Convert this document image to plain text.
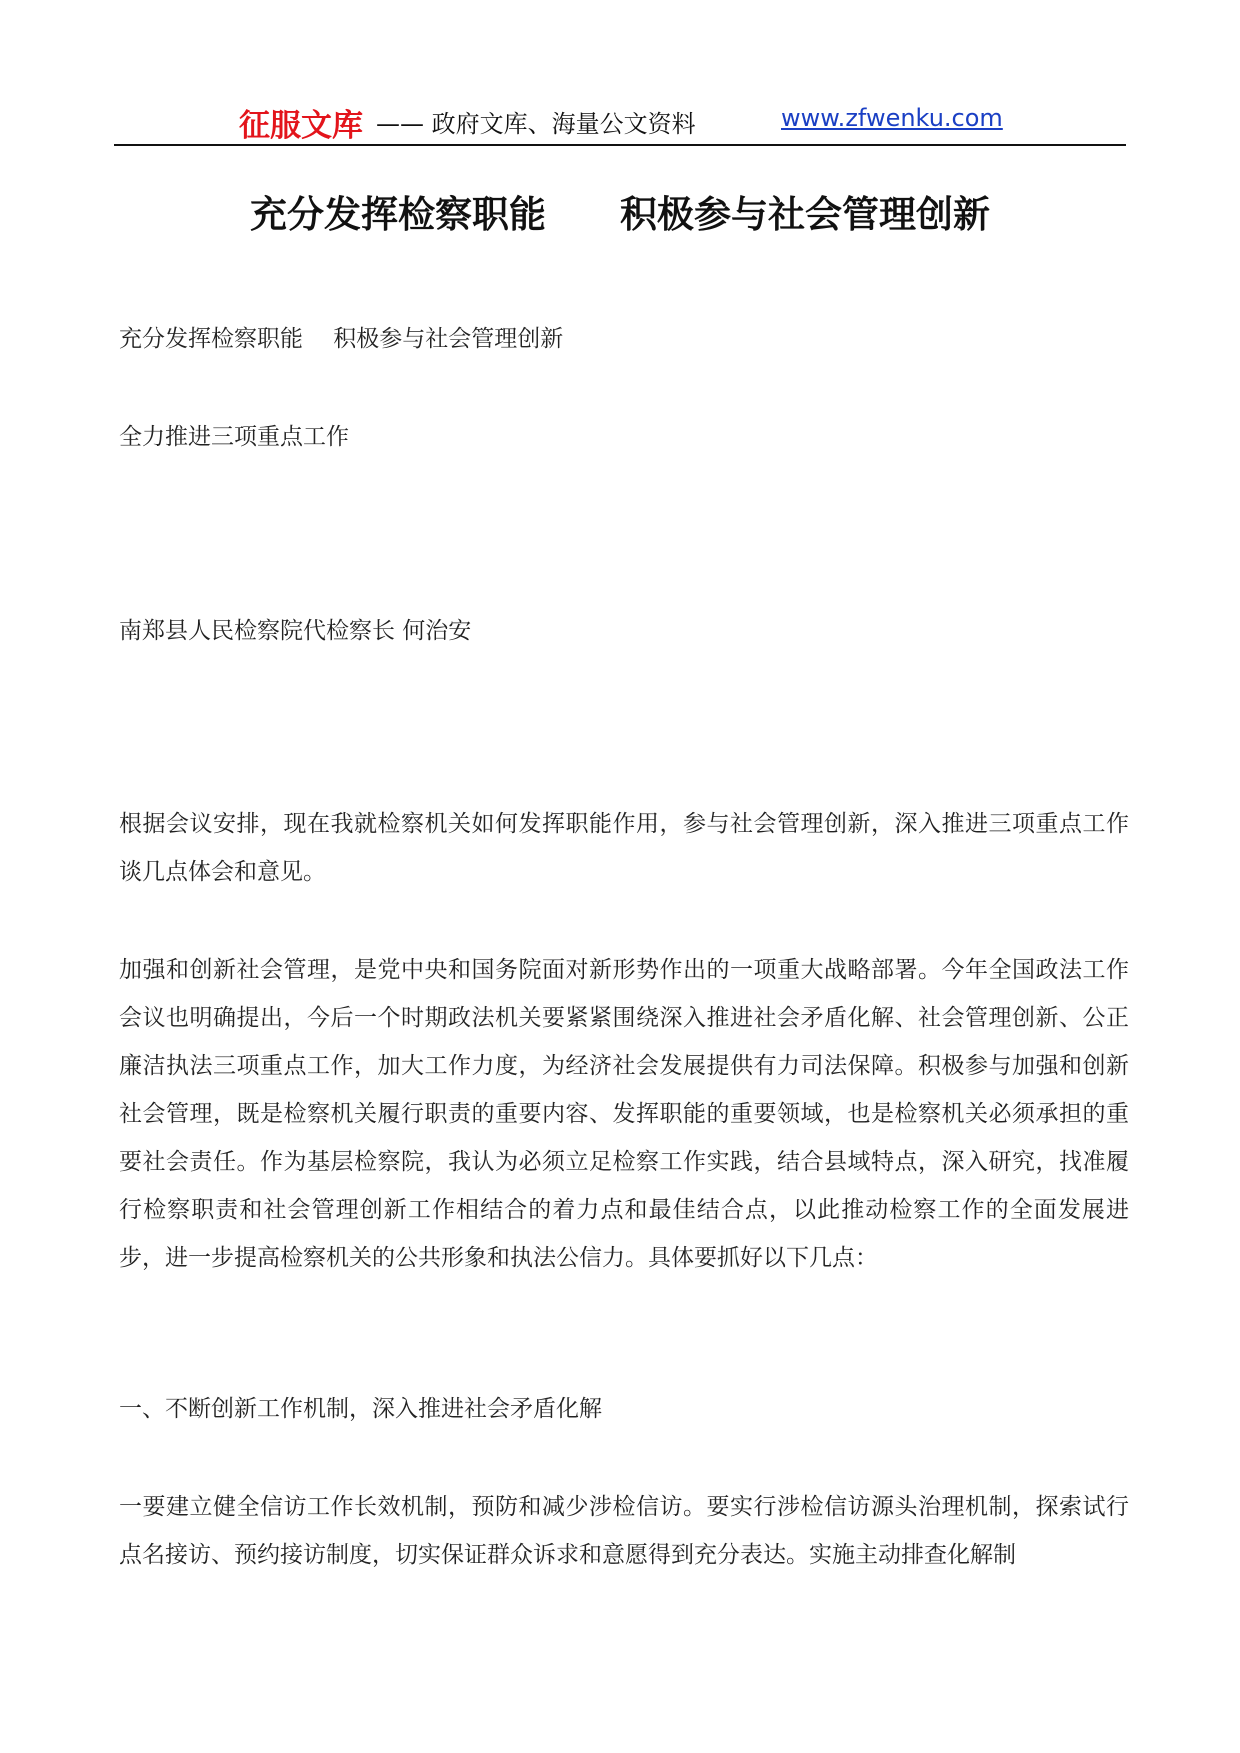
征服文库 —— 政府文库、海量公文资料	www.zfwenku.com
充分发挥检察职能　　积极参与社会管理创新
充分发挥检察职能　 积极参与社会管理创新
全力推进三项重点工作
南郑县人民检察院代检察长 何治安
根据会议安排，现在我就检察机关如何发挥职能作用，参与社会管理创新，深入推进三项重点工作谈几点体会和意见。
加强和创新社会管理，是党中央和国务院面对新形势作出的一项重大战略部署。今年全国政法工作会议也明确提出，今后一个时期政法机关要紧紧围绕深入推进社会矛盾化解、社会管理创新、公正廉洁执法三项重点工作，加大工作力度，为经济社会发展提供有力司法保障。积极参与加强和创新社会管理，既是检察机关履行职责的重要内容、发挥职能的重要领域，也是检察机关必须承担的重要社会责任。作为基层检察院，我认为必须立足检察工作实践，结合县域特点，深入研究，找准履行检察职责和社会管理创新工作相结合的着力点和最佳结合点，以此推动检察工作的全面发展进步，进一步提高检察机关的公共形象和执法公信力。具体要抓好以下几点：
一、不断创新工作机制，深入推进社会矛盾化解
一要建立健全信访工作长效机制，预防和减少涉检信访。要实行涉检信访源头治理机制，探索试行点名接访、预约接访制度，切实保证群众诉求和意愿得到充分表达。实施主动排查化解制
